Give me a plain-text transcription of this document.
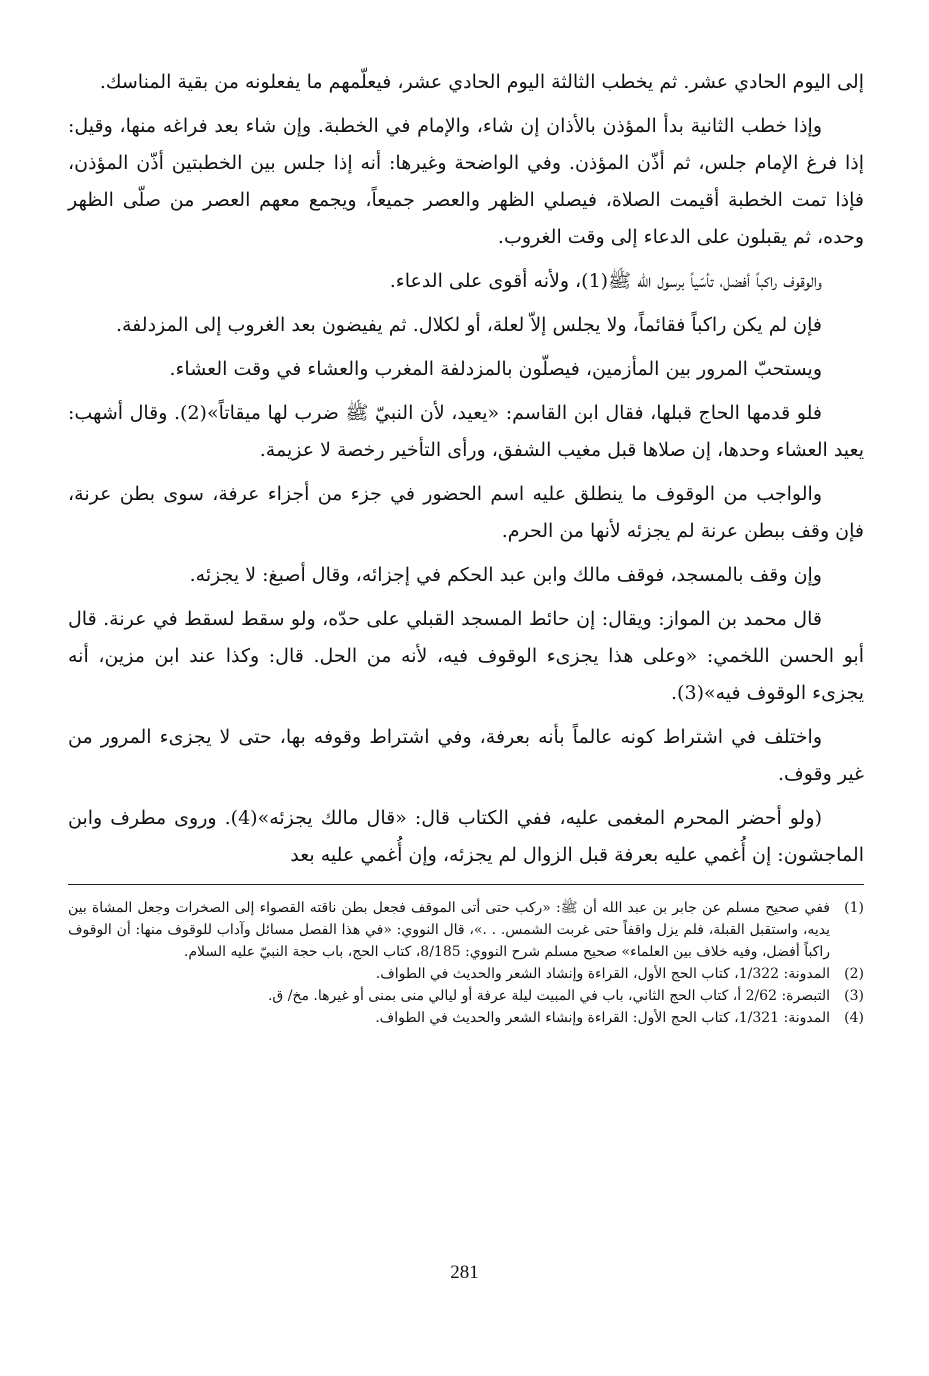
إلى اليوم الحادي عشر. ثم يخطب الثالثة اليوم الحادي عشر، فيعلّمهم ما يفعلونه من بقية المناسك.

وإذا خطب الثانية بدأ المؤذن بالأذان إن شاء، والإمام في الخطبة. وإن شاء بعد فراغه منها، وقيل: إذا فرغ الإمام جلس، ثم أذّن المؤذن. وفي الواضحة وغيرها: أنه إذا جلس بين الخطبتين أذّن المؤذن، فإذا تمت الخطبة أقيمت الصلاة، فيصلي الظهر والعصر جميعاً، ويجمع معهم العصر من صلّى الظهر وحده، ثم يقبلون على الدعاء إلى وقت الغروب.

والوقوف راكباً أفضل، تأسّياً برسول الله ﷺ(1)، ولأنه أقوى على الدعاء.

فإن لم يكن راكباً فقائماً، ولا يجلس إلاّ لعلة، أو لكلال. ثم يفيضون بعد الغروب إلى المزدلفة.

ويستحبّ المرور بين المأزمين، فيصلّون بالمزدلفة المغرب والعشاء في وقت العشاء.

فلو قدمها الحاج قبلها، فقال ابن القاسم: «يعيد، لأن النبيّ ﷺ ضرب لها ميقاتاً»(2). وقال أشهب: يعيد العشاء وحدها، إن صلاها قبل مغيب الشفق، ورأى التأخير رخصة لا عزيمة.

والواجب من الوقوف ما ينطلق عليه اسم الحضور في جزء من أجزاء عرفة، سوى بطن عرنة، فإن وقف ببطن عرنة لم يجزئه لأنها من الحرم.

وإن وقف بالمسجد، فوقف مالك وابن عبد الحكم في إجزائه، وقال أصبغ: لا يجزئه.

قال محمد بن المواز: ويقال: إن حائط المسجد القبلي على حدّه، ولو سقط لسقط في عرنة. قال أبو الحسن اللخمي: «وعلى هذا يجزىء الوقوف فيه، لأنه من الحل. قال: وكذا عند ابن مزين، أنه يجزىء الوقوف فيه»(3).

واختلف في اشتراط كونه عالماً بأنه بعرفة، وفي اشتراط وقوفه بها، حتى لا يجزىء المرور من غير وقوف.

(ولو أحضر المحرم المغمى عليه، ففي الكتاب قال: «قال مالك يجزئه»(4). وروى مطرف وابن الماجشون: إن أُغمي عليه بعرفة قبل الزوال لم يجزئه، وإن أُغمي عليه بعد

(1)
ففي صحيح مسلم عن جابر بن عبد الله أن ﷺ: «ركب حتى أتى الموقف فجعل بطن ناقته القصواء إلى الصخرات وجعل المشاة بين يديه، واستقبل القبلة، فلم يزل واقفاً حتى غربت الشمس. . .»، قال النووي: «في هذا الفصل مسائل وآداب للوقوف منها: أن الوقوف راكباً أفضل، وفيه خلاف بين العلماء» صحيح مسلم شرح النووي: 8/185، كتاب الحج، باب حجة النبيّ عليه السلام.
(2)
المدونة: 1/322، كتاب الحج الأول، القراءة وإنشاد الشعر والحديث في الطواف.
(3)
التبصرة: 2/62 أ، كتاب الحج الثاني، باب في المبيت ليلة عرفة أو ليالي منى بمنى أو غيرها. مخ/ ق.
(4)
المدونة: 1/321، كتاب الحج الأول: القراءة وإنشاء الشعر والحديث في الطواف.
281
